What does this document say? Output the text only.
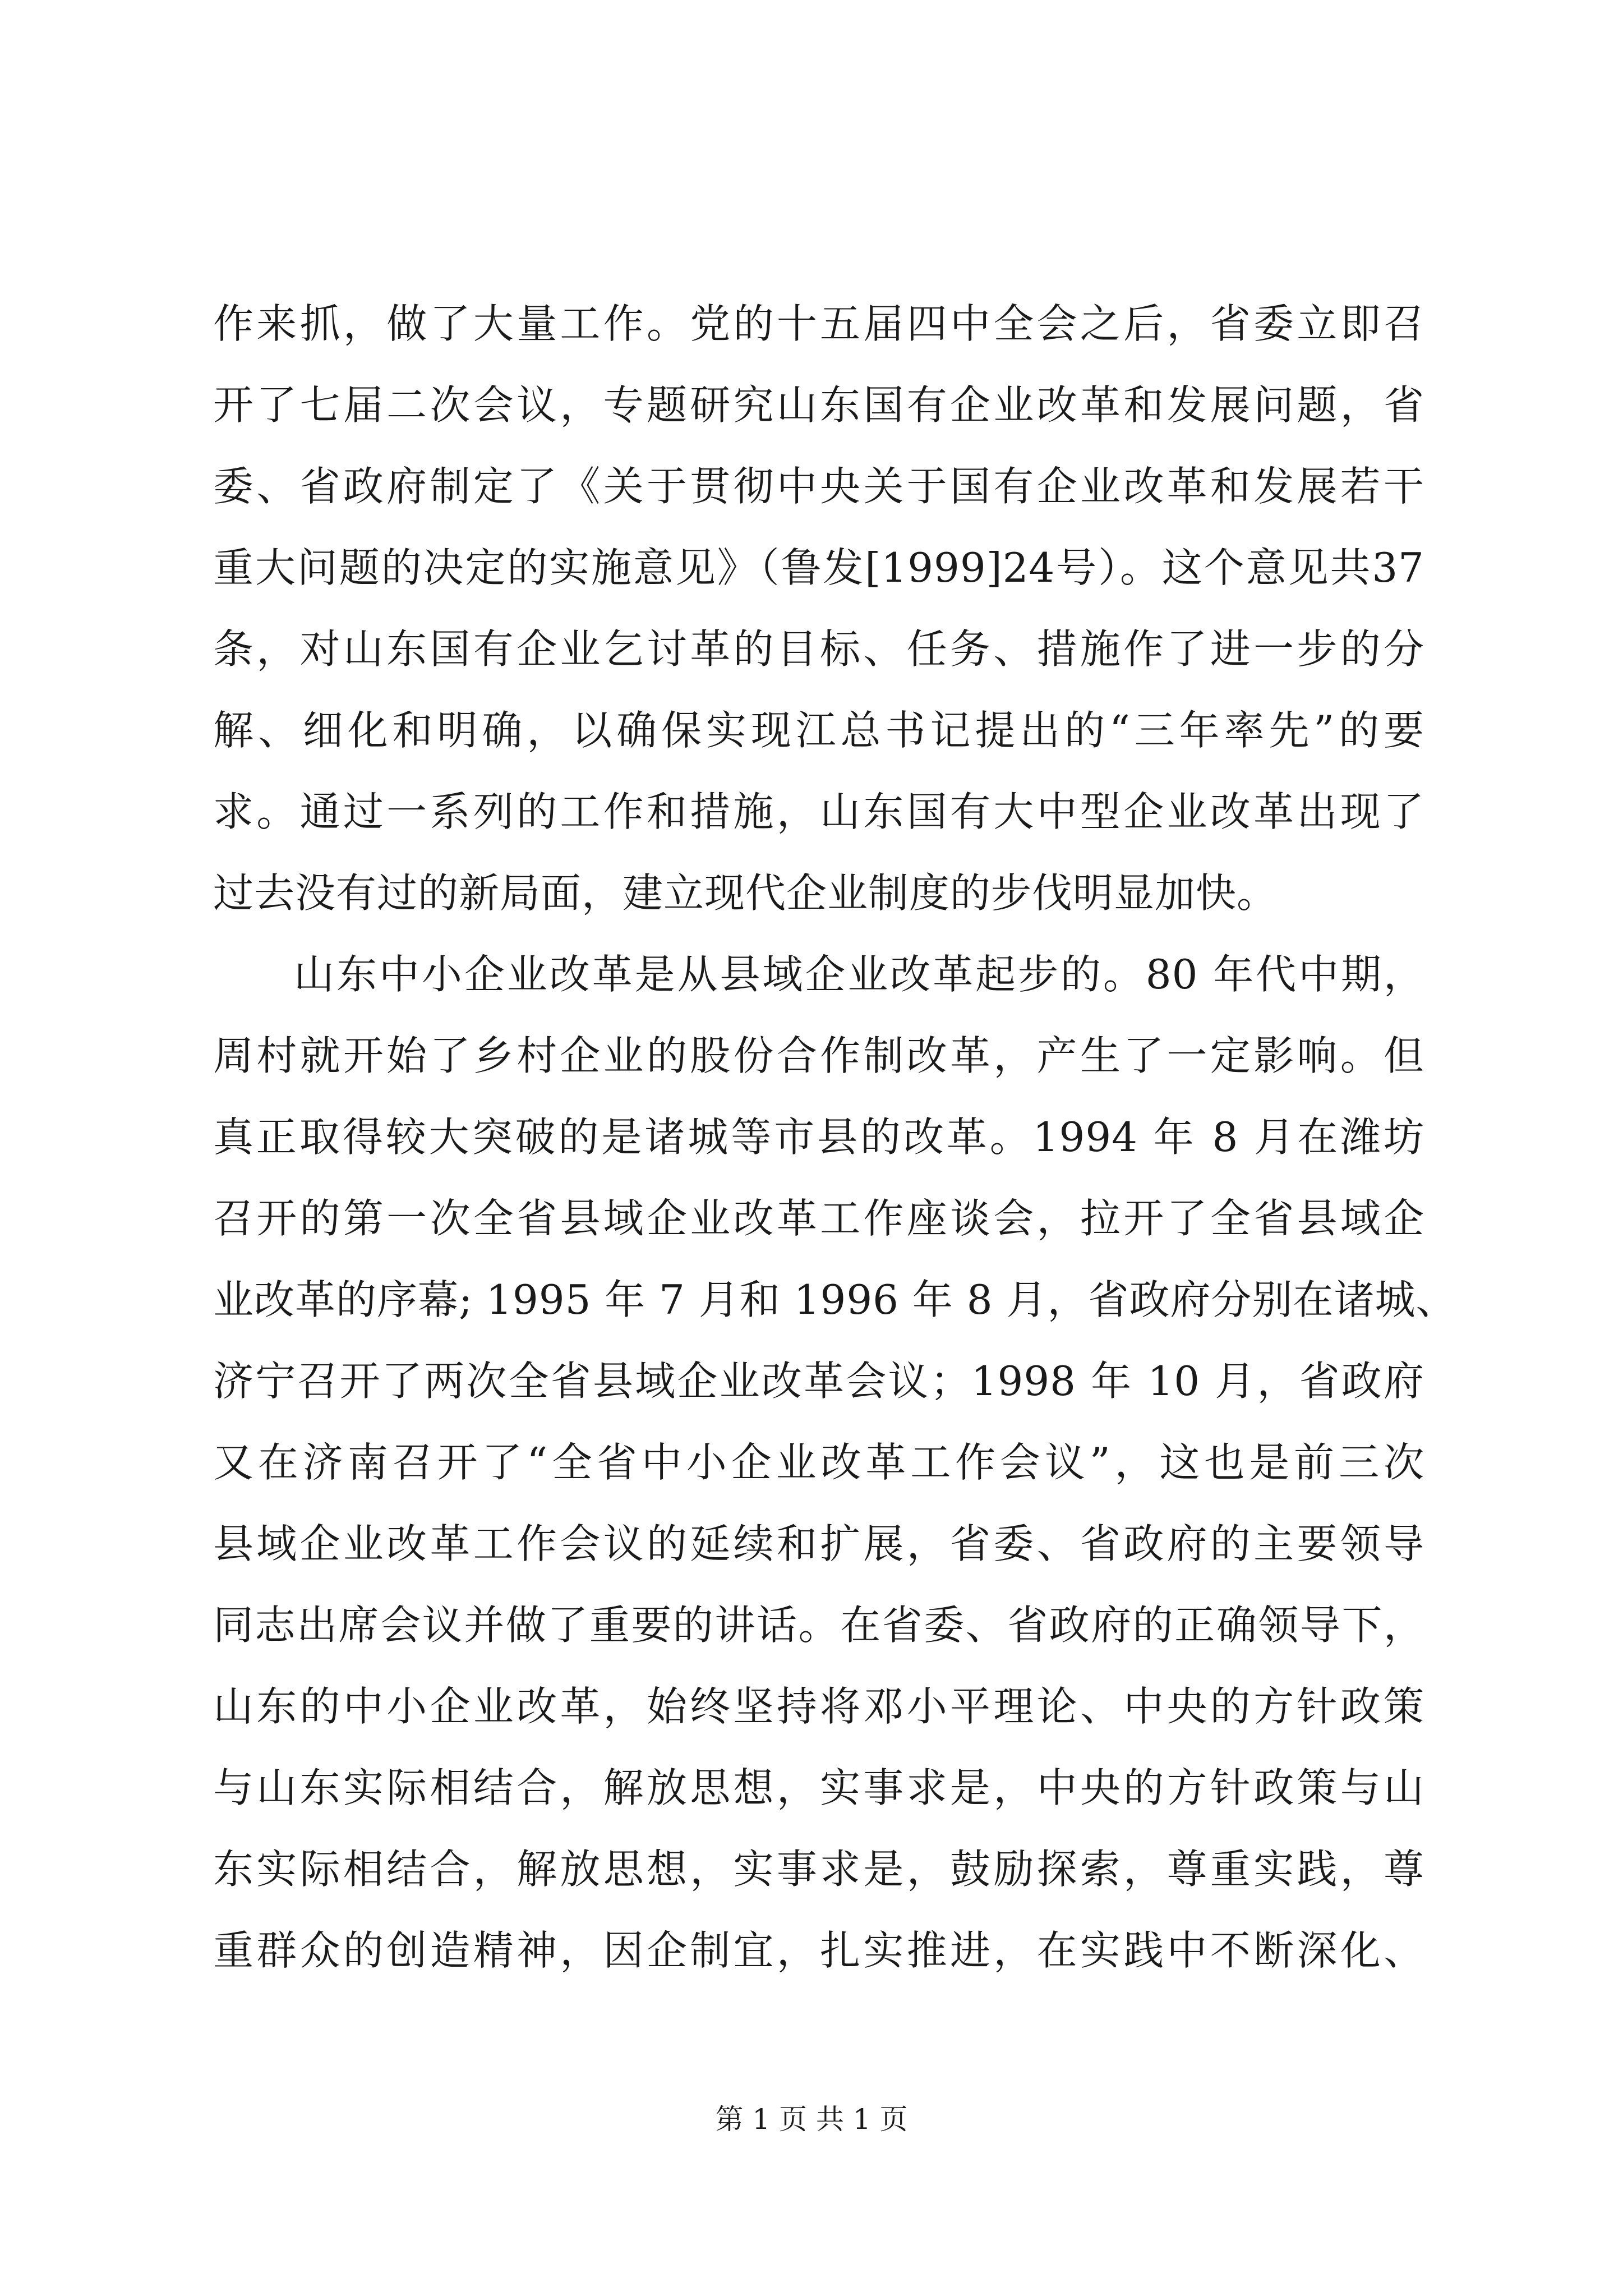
作来抓，做了大量工作。党的十五届四中全会之后，省委立即召
开了七届二次会议，专题研究山东国有企业改革和发展问题，省
委、省政府制定了《关于贯彻中央关于国有企业改革和发展若干
重大问题的决定的实施意见》（鲁发[1999]24号）。这个意见共37
条，对山东国有企业乞讨革的目标、任务、措施作了进一步的分
解、细化和明确，以确保实现江总书记提出的“三年率先”的要
求。通过一系列的工作和措施，山东国有大中型企业改革出现了
过去没有过的新局面，建立现代企业制度的步伐明显加快。

山东中小企业改革是从县域企业改革起步的。80 年代中期，
周村就开始了乡村企业的股份合作制改革，产生了一定影响。但
真正取得较大突破的是诸城等市县的改革。1994 年 8 月在潍坊
召开的第一次全省县域企业改革工作座谈会，拉开了全省县域企
业改革的序幕; 1995 年 7 月和 1996 年 8 月，省政府分别在诸城、
济宁召开了两次全省县域企业改革会议；1998 年 10 月，省政府
又在济南召开了“全省中小企业改革工作会议”，这也是前三次
县域企业改革工作会议的延续和扩展，省委、省政府的主要领导
同志出席会议并做了重要的讲话。在省委、省政府的正确领导下，
山东的中小企业改革，始终坚持将邓小平理论、中央的方针政策
与山东实际相结合，解放思想，实事求是，中央的方针政策与山
东实际相结合，解放思想，实事求是，鼓励探索，尊重实践，尊
重群众的创造精神，因企制宜，扎实推进，在实践中不断深化、

第 1 页 共 1 页
